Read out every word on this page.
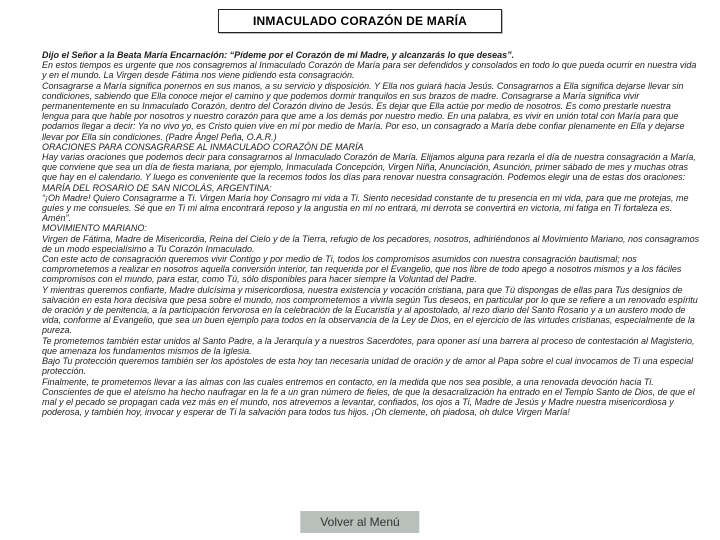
INMACULADO CORAZÓN DE MARÍA

Dijo el Señor a la Beata María Encarnación: “Pídeme por el Corazón de mi Madre, y alcanzarás lo que deseas”.

En estos tiempos es urgente que nos consagremos al Inmaculado Corazón de María para ser defendidos y consolados en todo lo que pueda ocurrir en nuestra vida y en el mundo. La Virgen desde Fátima nos viene pidiendo esta consagración.

Consagrarse a María significa ponernos en sus manos, a su servicio y disposición. Y Ella nos guiará hacia Jesús. Consagrarnos a Ella significa dejarse llevar sin condiciones, sabiendo que Ella conoce mejor el camino y que podemos dormir tranquilos en sus brazos de madre. Consagrarse a María significa vivir permanentemente en su Inmaculado Corazón, dentro del Corazón divino de Jesús. Es dejar que Ella actúe por medio de nosotros. Es como prestarle nuestra lengua para que hable por nosotros y nuestro corazón para que ame a los demás por nuestro medio. En una palabra, es vivir en unión total con María para que podamos llegar a decir: Ya no vivo yo, es Cristo quien vive en mí por medio de María. Por eso, un consagrado a María debe confiar plenamente en Ella y dejarse llevar por Ella sin condiciones. (Padre Ángel Peña, O.A.R.)

ORACIONES PARA CONSAGRARSE AL INMACULADO CORAZÓN DE MARÍA

Hay varias oraciones que podemos decir para consagrarnos al Inmaculado Corazón de María. Elijamos alguna para rezarla el día de nuestra consagración a María, que conviene que sea un día de fiesta mariana, por ejemplo, Inmaculada Concepción, Virgen Niña, Anunciación, Asunción, primer sábado de mes y muchas otras que hay en el calendario. Y luego es conveniente que la recemos todos los días para renovar nuestra consagración. Podemos elegir una de estas dos oraciones:

MARÍA DEL ROSARIO DE SAN NICOLÁS, ARGENTINA:

“¡Oh Madre! Quiero Consagrarme a Ti. Virgen María hoy Consagro mi vida a Ti. Siento necesidad constante de tu presencia en mi vida, para que me protejas, me guíes y me consueles. Sé que en Ti mi alma encontrará reposo y la angustia en mí no entrará, mi derrota se convertirá en victoria, mi fatiga en Ti fortaleza es. Amén”.

MOVIMIENTO MARIANO:

Virgen de Fátima, Madre de Misericordia, Reina del Cielo y de la Tierra, refugio de los pecadores, nosotros, adhiriéndonos al Movimiento Mariano, nos consagramos de un modo especialísimo a Tu Corazón Inmaculado.

Con este acto de consagración queremos vivir Contigo y por medio de Ti, todos los compromisos asumidos con nuestra consagración bautismal; nos comprometemos a realizar en nosotros aquella conversión interior, tan requerida por el Evangelio, que nos libre de todo apego a nosotros mismos y a los fáciles compromisos con el mundo, para estar, como Tú, sólo disponibles para hacer siempre la Voluntad del Padre.

Y mientras queremos confiarte, Madre dulcísima y misericordiosa, nuestra existencia y vocación cristiana, para que Tú dispongas de ellas para Tus designios de salvación en esta hora decisiva que pesa sobre el mundo, nos comprometemos a vivirla según Tus deseos, en particular por lo que se refiere a un renovado espíritu de oración y de penitencia, a la participación fervorosa en la celebración de la Eucaristía y al apostolado, al rezo diario del Santo Rosario y a un austero modo de vida, conforme al Evangelio, que sea un buen ejemplo para todos en la observancia de la Ley de Dios, en el ejercicio de las virtudes cristianas, especialmente de la pureza.

Te prometemos también estar unidos al Santo Padre, a la Jerarquía y a nuestros Sacerdotes, para oponer así una barrera al proceso de contestación al Magisterio, que amenaza los fundamentos mismos de la Iglesia.

Bajo Tu protección queremos también ser los apóstoles de esta hoy tan necesaria unidad de oración y de amor al Papa sobre el cual invocamos de Ti una especial protección.

Finalmente, te prometemos llevar a las almas con las cuales entremos en contacto, en la medida que nos sea posible, a una renovada devoción hacia Ti.

Conscientes de que el ateísmo ha hecho naufragar en la fe a un gran número de fieles, de que la desacralización ha entrado en el Templo Santo de Dios, de que el mal y el pecado se propagan cada vez más en el mundo, nos atrevemos a levantar, confiados, los ojos a Ti, Madre de Jesús y Madre nuestra misericordiosa y poderosa, y también hoy, invocar y esperar de Ti la salvación para todos tus hijos. ¡Oh clemente, oh piadosa, oh dulce Virgen María!

Volver al Menú
